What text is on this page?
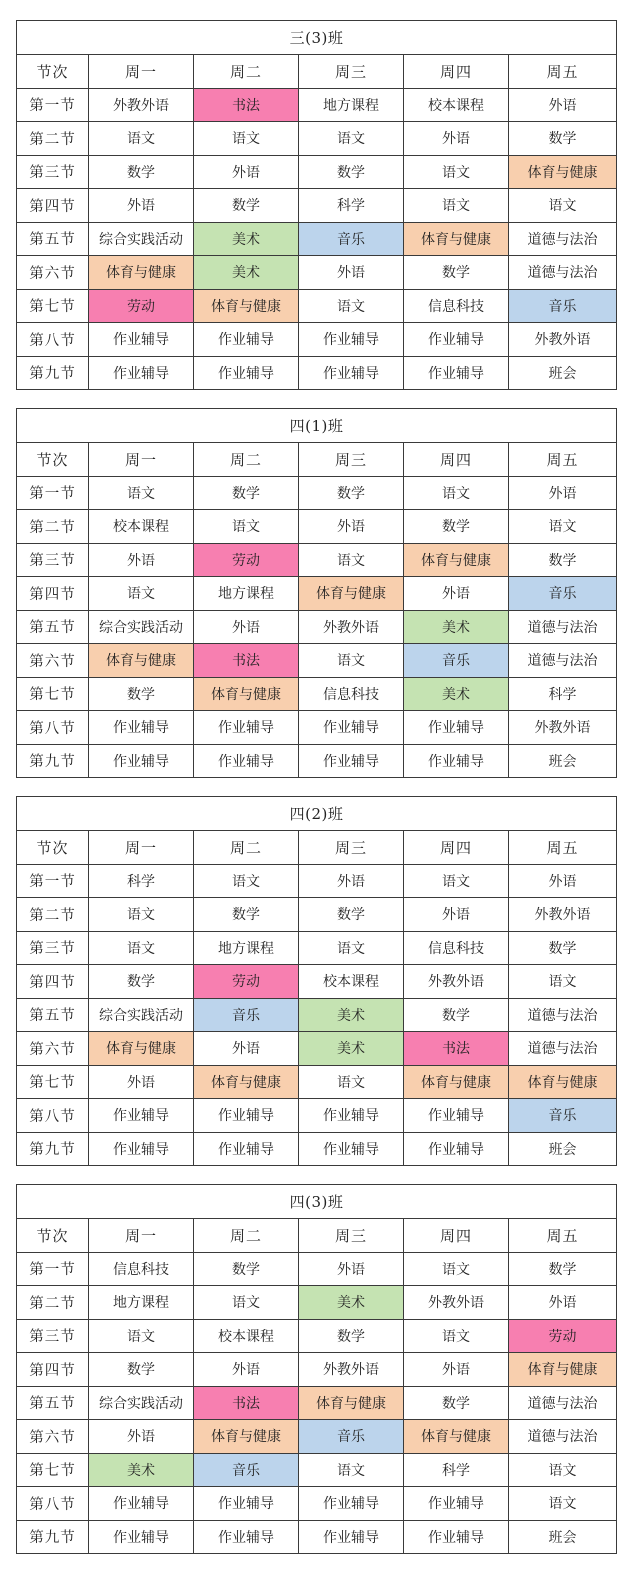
三(3)班					
节次	周一	周二	周三	周四	周五
第一节	外教外语	书法	地方课程	校本课程	外语
第二节	语文	语文	语文	外语	数学
第三节	数学	外语	数学	语文	体育与健康
第四节	外语	数学	科学	语文	语文
第五节	综合实践活动	美术	音乐	体育与健康	道德与法治
第六节	体育与健康	美术	外语	数学	道德与法治
第七节	劳动	体育与健康	语文	信息科技	音乐
第八节	作业辅导	作业辅导	作业辅导	作业辅导	外教外语
第九节	作业辅导	作业辅导	作业辅导	作业辅导	班会
四(1)班					
节次	周一	周二	周三	周四	周五
第一节	语文	数学	数学	语文	外语
第二节	校本课程	语文	外语	数学	语文
第三节	外语	劳动	语文	体育与健康	数学
第四节	语文	地方课程	体育与健康	外语	音乐
第五节	综合实践活动	外语	外教外语	美术	道德与法治
第六节	体育与健康	书法	语文	音乐	道德与法治
第七节	数学	体育与健康	信息科技	美术	科学
第八节	作业辅导	作业辅导	作业辅导	作业辅导	外教外语
第九节	作业辅导	作业辅导	作业辅导	作业辅导	班会
四(2)班					
节次	周一	周二	周三	周四	周五
第一节	科学	语文	外语	语文	外语
第二节	语文	数学	数学	外语	外教外语
第三节	语文	地方课程	语文	信息科技	数学
第四节	数学	劳动	校本课程	外教外语	语文
第五节	综合实践活动	音乐	美术	数学	道德与法治
第六节	体育与健康	外语	美术	书法	道德与法治
第七节	外语	体育与健康	语文	体育与健康	体育与健康
第八节	作业辅导	作业辅导	作业辅导	作业辅导	音乐
第九节	作业辅导	作业辅导	作业辅导	作业辅导	班会
四(3)班					
节次	周一	周二	周三	周四	周五
第一节	信息科技	数学	外语	语文	数学
第二节	地方课程	语文	美术	外教外语	外语
第三节	语文	校本课程	数学	语文	劳动
第四节	数学	外语	外教外语	外语	体育与健康
第五节	综合实践活动	书法	体育与健康	数学	道德与法治
第六节	外语	体育与健康	音乐	体育与健康	道德与法治
第七节	美术	音乐	语文	科学	语文
第八节	作业辅导	作业辅导	作业辅导	作业辅导	语文
第九节	作业辅导	作业辅导	作业辅导	作业辅导	班会
